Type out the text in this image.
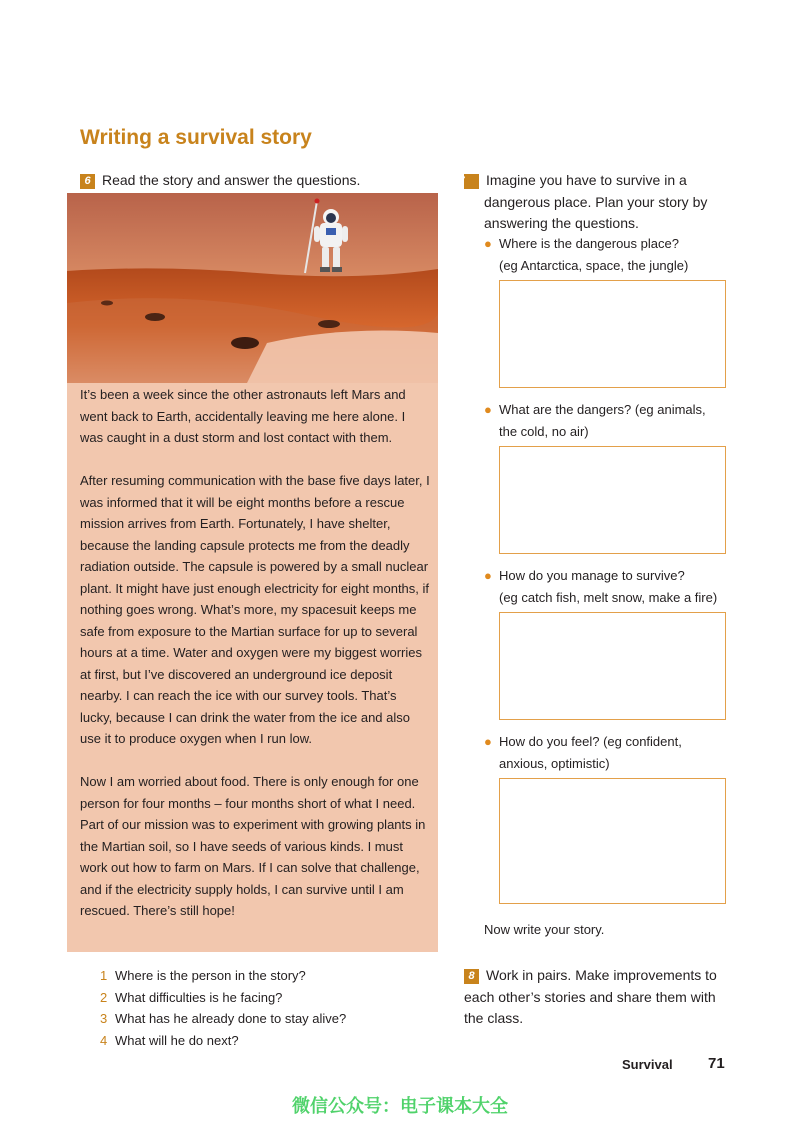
Writing a survival story
6 Read the story and answer the questions.

It’s been a week since the other astronauts left Mars and went back to Earth, accidentally leaving me here alone. I was caught in a dust storm and lost contact with them.

After resuming communication with the base five days later, I was informed that it will be eight months before a rescue mission arrives from Earth. Fortunately, I have shelter, because the landing capsule protects me from the deadly radiation outside. The capsule is powered by a small nuclear plant. It might have just enough electricity for eight months, if nothing goes wrong. What’s more, my spacesuit keeps me safe from exposure to the Martian surface for up to several hours at a time. Water and oxygen were my biggest worries at first, but I’ve discovered an underground ice deposit nearby. I can reach the ice with our survey tools. That’s lucky, because I can drink the water from the ice and also use it to produce oxygen when I run low.

Now I am worried about food. There is only enough for one person for four months – four months short of what I need. Part of our mission was to experiment with growing plants in the Martian soil, so I have seeds of various kinds. I must work out how to farm on Mars. If I can solve that challenge, and if the electricity supply holds, I can survive until I am rescued. There’s still hope!

1 Where is the person in the story?
2 What difficulties is he facing?
3 What has he already done to stay alive?
4 What will he do next?
7 Imagine you have to survive in a dangerous place. Plan your story by answering the questions.
● Where is the dangerous place?
(eg Antarctica, space, the jungle)
● What are the dangers? (eg animals,
the cold, no air)
● How do you manage to survive?
(eg catch fish, melt snow, make a fire)
● How do you feel? (eg confident,
anxious, optimistic)
Now write your story.
8 Work in pairs. Make improvements to each other’s stories and share them with the class.
Survival 71
微信公众号：电子课本大全
